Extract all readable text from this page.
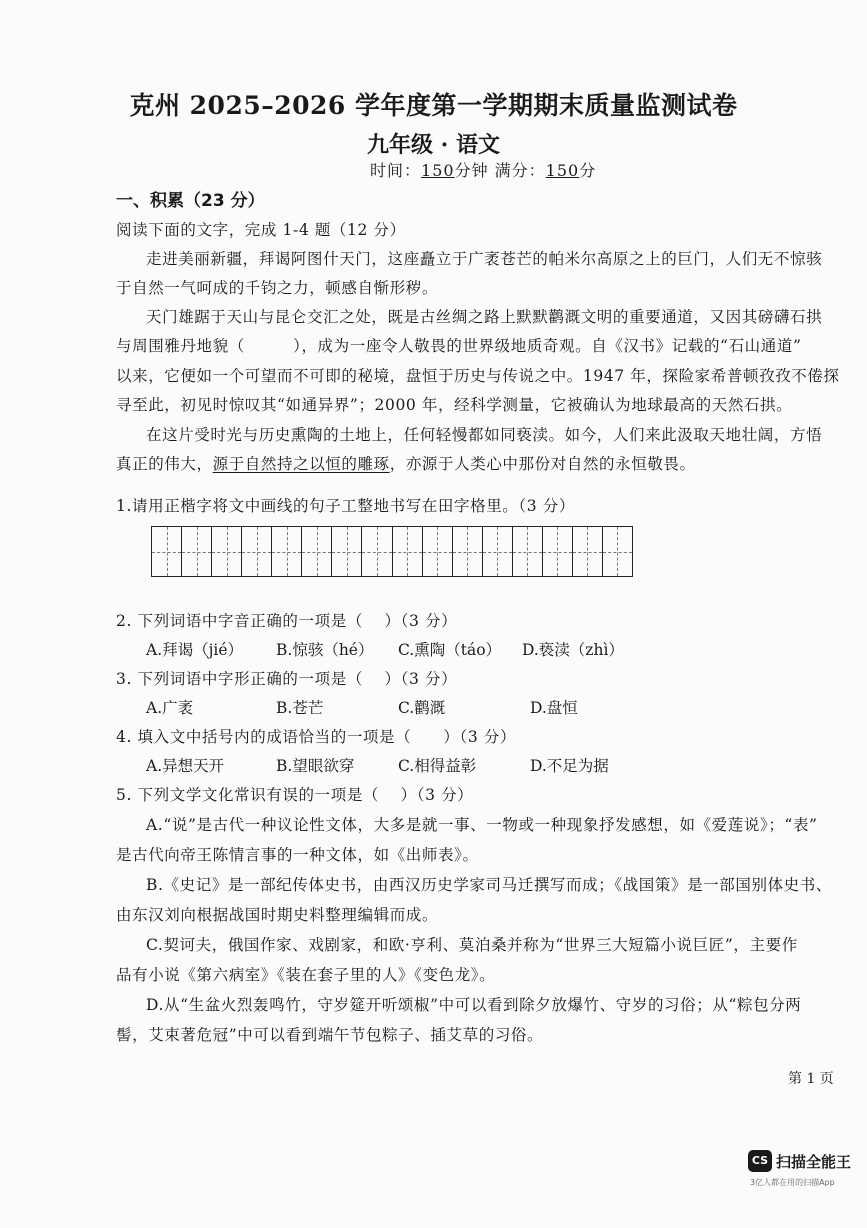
克州 2025–2026 学年度第一学期期末质量监测试卷
九年级 · 语文
时间：150分钟 满分：150分
一、积累（23 分）
阅读下面的文字，完成 1-4 题（12 分）
走进美丽新疆，拜谒阿图什天门，这座矗立于广袤苍芒的帕米尔高原之上的巨门，人们无不惊骇
于自然一气呵成的千钧之力，顿感自惭形秽。
天门雄踞于天山与昆仑交汇之处，既是古丝绸之路上默默鹳溉文明的重要通道，又因其磅礴石拱
与周围雅丹地貌（　　　），成为一座令人敬畏的世界级地质奇观。自《汉书》记载的“石山通道”
以来，它便如一个可望而不可即的秘境，盘恒于历史与传说之中。1947 年，探险家希普顿孜孜不倦探
寻至此，初见时惊叹其“如通异界”；2000 年，经科学测量，它被确认为地球最高的天然石拱。
在这片受时光与历史熏陶的土地上，任何轻慢都如同亵渎。如今，人们来此汲取天地壮阔，方悟
真正的伟大，源于自然持之以恒的雕琢，亦源于人类心中那份对自然的永恒敬畏。
1.请用正楷字将文中画线的句子工整地书写在田字格里。（3 分）
2. 下列词语中字音正确的一项是（　 ）（3 分）
A.拜谒（jié） B.惊骇（hé） C.熏陶（táo） D.亵渎（zhì）
3. 下列词语中字形正确的一项是（　 ）（3 分）
A.广袤	B.苍芒	C.鹳溉	D.盘恒
4. 填入文中括号内的成语恰当的一项是（　　）（3 分）
A.异想天开	B.望眼欲穿	C.相得益彰	D.不足为据
5. 下列文学文化常识有误的一项是（　 ）（3 分）
A.“说”是古代一种议论性文体，大多是就一事、一物或一种现象抒发感想，如《爱莲说》；“表”
是古代向帝王陈情言事的一种文体，如《出师表》。
B.《史记》是一部纪传体史书，由西汉历史学家司马迁撰写而成；《战国策》是一部国别体史书、
由东汉刘向根据战国时期史料整理编辑而成。
C.契诃夫，俄国作家、戏剧家，和欧·亨利、莫泊桑并称为“世界三大短篇小说巨匠”，主要作
品有小说《第六病室》《装在套子里的人》《变色龙》。
D.从“生盆火烈轰鸣竹，守岁筵开听颂椒”中可以看到除夕放爆竹、守岁的习俗；从“粽包分两
髻，艾束著危冠”中可以看到端午节包粽子、插艾草的习俗。
第 1 页
CS 扫描全能王
3亿人都在用的扫描App
